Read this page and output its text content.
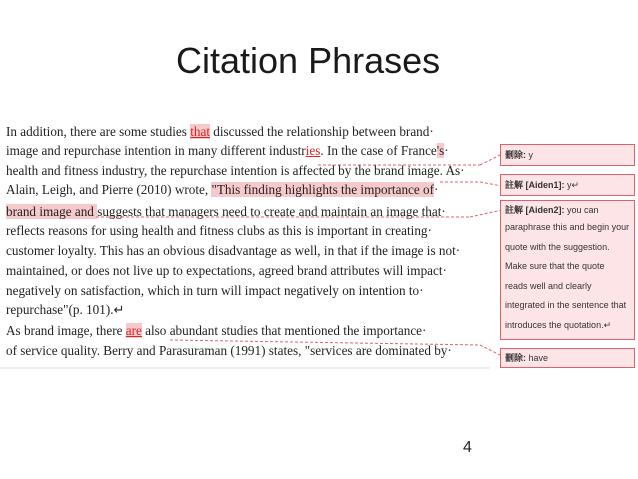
Citation Phrases
In addition, there are some studies that discussed the relationship between brand·
image and repurchase intention in many different industries. In the case of France's·
health and fitness industry, the repurchase intention is affected by the brand image. As·
Alain, Leigh, and Pierre (2010) wrote, "This finding highlights the importance of·
brand image and suggests that managers need to create and maintain an image that·
reflects reasons for using health and fitness clubs as this is important in creating·
customer loyalty. This has an obvious disadvantage as well, in that if the image is not·
maintained, or does not live up to expectations, agreed brand attributes will impact·
negatively on satisfaction, which in turn will impact negatively on intention to·
repurchase"(p. 101).↵
As brand image, there are also abundant studies that mentioned the importance·
of service quality. Berry and Parasuraman (1991) states, "services are dominated by·
刪除: y
註解 [Aiden1]: y↵
註解 [Aiden2]: you can
paraphrase this and begin your
quote with the suggestion.
Make sure that the quote
reads well and clearly
integrated in the sentence that
introduces the quotation.↵
刪除: have
4
